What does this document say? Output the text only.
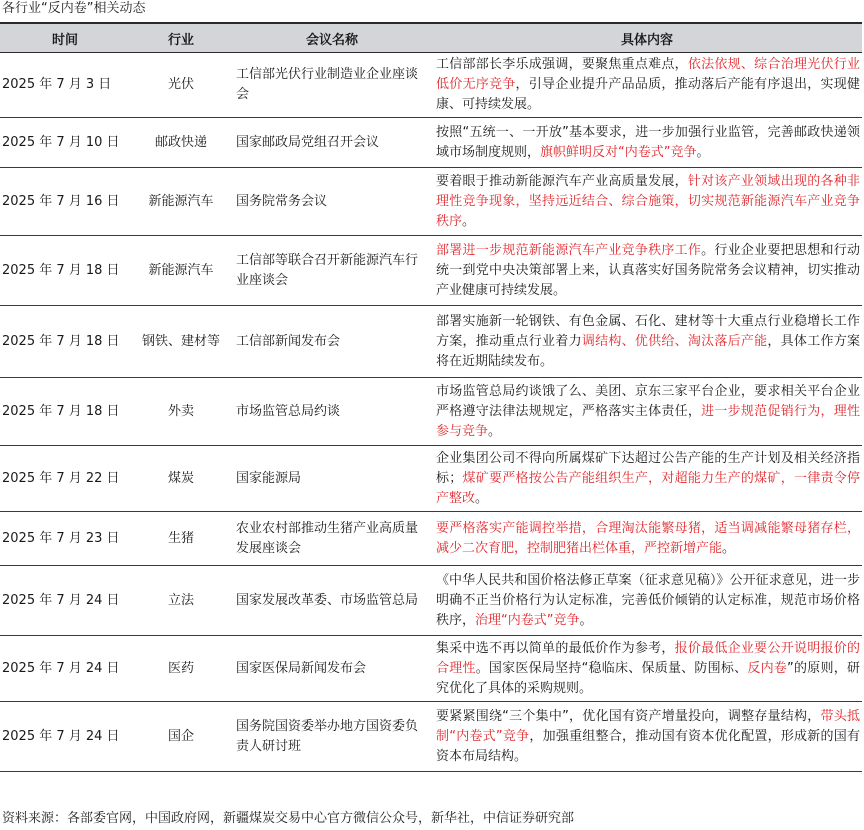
各行业“反内卷”相关动态
时间	行业	会议名称	具体内容
2025 年 7 月 3 日	光伏	工信部光伏行业制造业企业座谈会	工信部部长李乐成强调，要聚焦重点难点，依法依规、综合治理光伏行业低价无序竞争，引导企业提升产品品质，推动落后产能有序退出，实现健康、可持续发展。
2025 年 7 月 10 日	邮政快递	国家邮政局党组召开会议	按照“五统一、一开放”基本要求，进一步加强行业监管，完善邮政快递领域市场制度规则，旗帜鲜明反对“内卷式”竞争。
2025 年 7 月 16 日	新能源汽车	国务院常务会议	要着眼于推动新能源汽车产业高质量发展，针对该产业领域出现的各种非理性竞争现象，坚持远近结合、综合施策，切实规范新能源汽车产业竞争秩序。
2025 年 7 月 18 日	新能源汽车	工信部等联合召开新能源汽车行业座谈会	部署进一步规范新能源汽车产业竞争秩序工作。行业企业要把思想和行动统一到党中央决策部署上来，认真落实好国务院常务会议精神，切实推动产业健康可持续发展。
2025 年 7 月 18 日	钢铁、建材等	工信部新闻发布会	部署实施新一轮钢铁、有色金属、石化、建材等十大重点行业稳增长工作方案，推动重点行业着力调结构、优供给、淘汰落后产能，具体工作方案将在近期陆续发布。
2025 年 7 月 18 日	外卖	市场监管总局约谈	市场监管总局约谈饿了么、美团、京东三家平台企业，要求相关平台企业严格遵守法律法规规定，严格落实主体责任，进一步规范促销行为，理性参与竞争。
2025 年 7 月 22 日	煤炭	国家能源局	企业集团公司不得向所属煤矿下达超过公告产能的生产计划及相关经济指标；煤矿要严格按公告产能组织生产，对超能力生产的煤矿，一律责令停产整改。
2025 年 7 月 23 日	生猪	农业农村部推动生猪产业高质量发展座谈会	要严格落实产能调控举措，合理淘汰能繁母猪，适当调减能繁母猪存栏，减少二次育肥，控制肥猪出栏体重，严控新增产能。
2025 年 7 月 24 日	立法	国家发展改革委、市场监管总局	《中华人民共和国价格法修正草案（征求意见稿）》公开征求意见，进一步明确不正当价格行为认定标准，完善低价倾销的认定标准，规范市场价格秩序，治理“内卷式”竞争。
2025 年 7 月 24 日	医药	国家医保局新闻发布会	集采中选不再以简单的最低价作为参考，报价最低企业要公开说明报价的合理性。国家医保局坚持“稳临床、保质量、防围标、反内卷”的原则，研究优化了具体的采购规则。
2025 年 7 月 24 日	国企	国务院国资委举办地方国资委负责人研讨班	要紧紧围绕“三个集中”，优化国有资产增量投向，调整存量结构，带头抵制“内卷式”竞争，加强重组整合，推动国有资本优化配置，形成新的国有资本布局结构。
资料来源：各部委官网，中国政府网，新疆煤炭交易中心官方微信公众号，新华社，中信证券研究部
